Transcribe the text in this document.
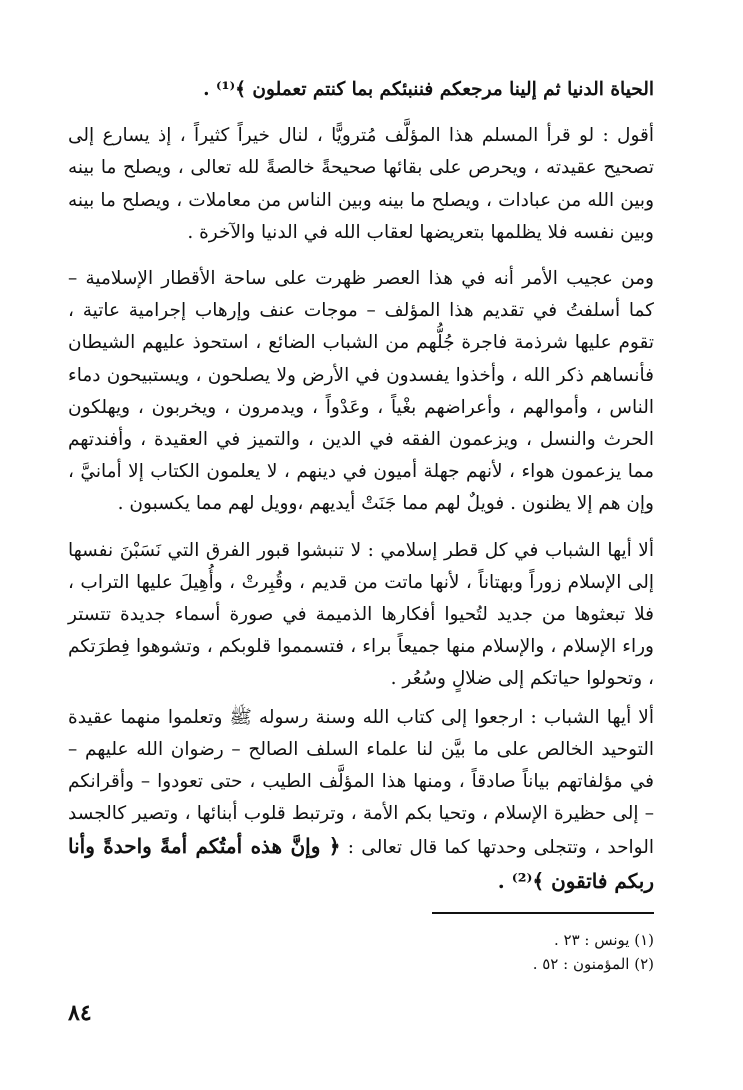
الحياة الدنيا ثم إلينا مرجعكم فننبئكم بما كنتم تعملون ﴾⁽¹⁾ .

أقول : لو قرأ المسلم هذا المؤلَّف مُترويًّا ، لنال خيراً كثيراً ، إذ يسارع إلى تصحيح عقيدته ، ويحرص على بقائها صحيحةً خالصةً لله تعالى ، ويصلح ما بينه وبين الله من عبادات ، ويصلح ما بينه وبين الناس من معاملات ، ويصلح ما بينه وبين نفسه فلا يظلمها بتعريضها لعقاب الله في الدنيا والآخرة .

ومن عجيب الأمر أنه في هذا العصر ظهرت على ساحة الأقطار الإسلامية – كما أسلفتُ في تقديم هذا المؤلف – موجات عنف وإرهاب إجرامية عاتية ، تقوم عليها شرذمة فاجرة جُلُّهم من الشباب الضائع ، استحوذ عليهم الشيطان فأنساهم ذكر الله ، وأخذوا يفسدون في الأرض ولا يصلحون ، ويستبيحون دماء الناس ، وأموالهم ، وأعراضهم بغْياً ، وعَدْواً ، ويدمرون ، ويخربون ، ويهلكون الحرث والنسل ، ويزعمون الفقه في الدين ، والتميز في العقيدة ، وأفندتهم مما يزعمون هواء ، لأنهم جهلة أميون في دينهم ، لا يعلمون الكتاب إلا أمانيَّ ، وإن هم إلا يظنون . فويلٌ لهم مما جَنَتْ أيديهم ،وويل لهم مما يكسبون .

ألا أيها الشباب في كل قطر إسلامي : لا تنبشوا قبور الفرق التي نَسَبْنَ نفسها إلى الإسلام زوراً وبهتاناً ، لأنها ماتت من قديم ، وقُبِرتْ ، وأُهِيلَ عليها التراب ، فلا تبعثوها من جديد لتُحيوا أفكارها الذميمة في صورة أسماء جديدة تتستر وراء الإسلام ، والإسلام منها جميعاً براء ، فتسمموا قلوبكم ، وتشوهوا فِطرَتكم ، وتحولوا حياتكم إلى ضلالٍ وسُعُر .

ألا أيها الشباب : ارجعوا إلى كتاب الله وسنة رسوله ﷺ وتعلموا منهما عقيدة التوحيد الخالص على ما بيَّن لنا علماء السلف الصالح – رضوان الله عليهم – في مؤلفاتهم بياناً صادقاً ، ومنها هذا المؤلَّف الطيب ، حتى تعودوا – وأقرانكم – إلى حظيرة الإسلام ، وتحيا بكم الأمة ، وترتبط قلوب أبنائها ، وتصير كالجسد الواحد ، وتتجلى وحدتها كما قال تعالى : ﴿ وإنَّ هذه أمتُكم أمةً واحدةً وأنا ربكم فاتقون ﴾⁽²⁾ .

(١) يونس : ٢٣ .

(٢) المؤمنون : ٥٢ .

٨٤
